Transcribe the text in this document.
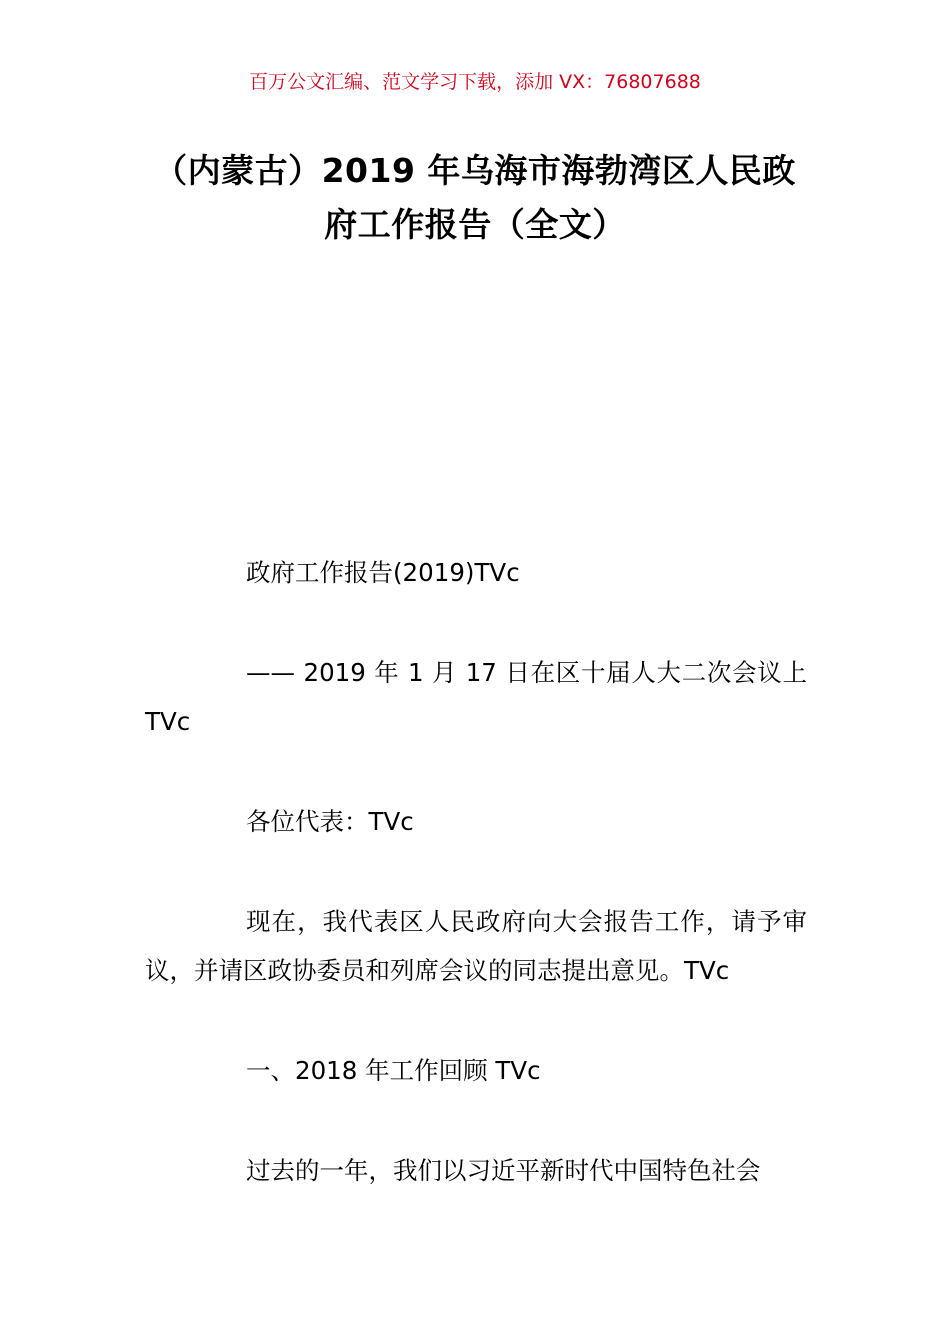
百万公文汇编、范文学习下载，添加 VX：76807688
（内蒙古）2019 年乌海市海勃湾区人民政
府工作报告（全文）
政府工作报告(2019)TVc
—— 2019 年 1 月 17 日在区十届人大二次会议上 TVc
各位代表：TVc
现在，我代表区人民政府向大会报告工作，请予审议，并请区政协委员和列席会议的同志提出意见。TVc
一、2018 年工作回顾 TVc
过去的一年，我们以习近平新时代中国特色社会
